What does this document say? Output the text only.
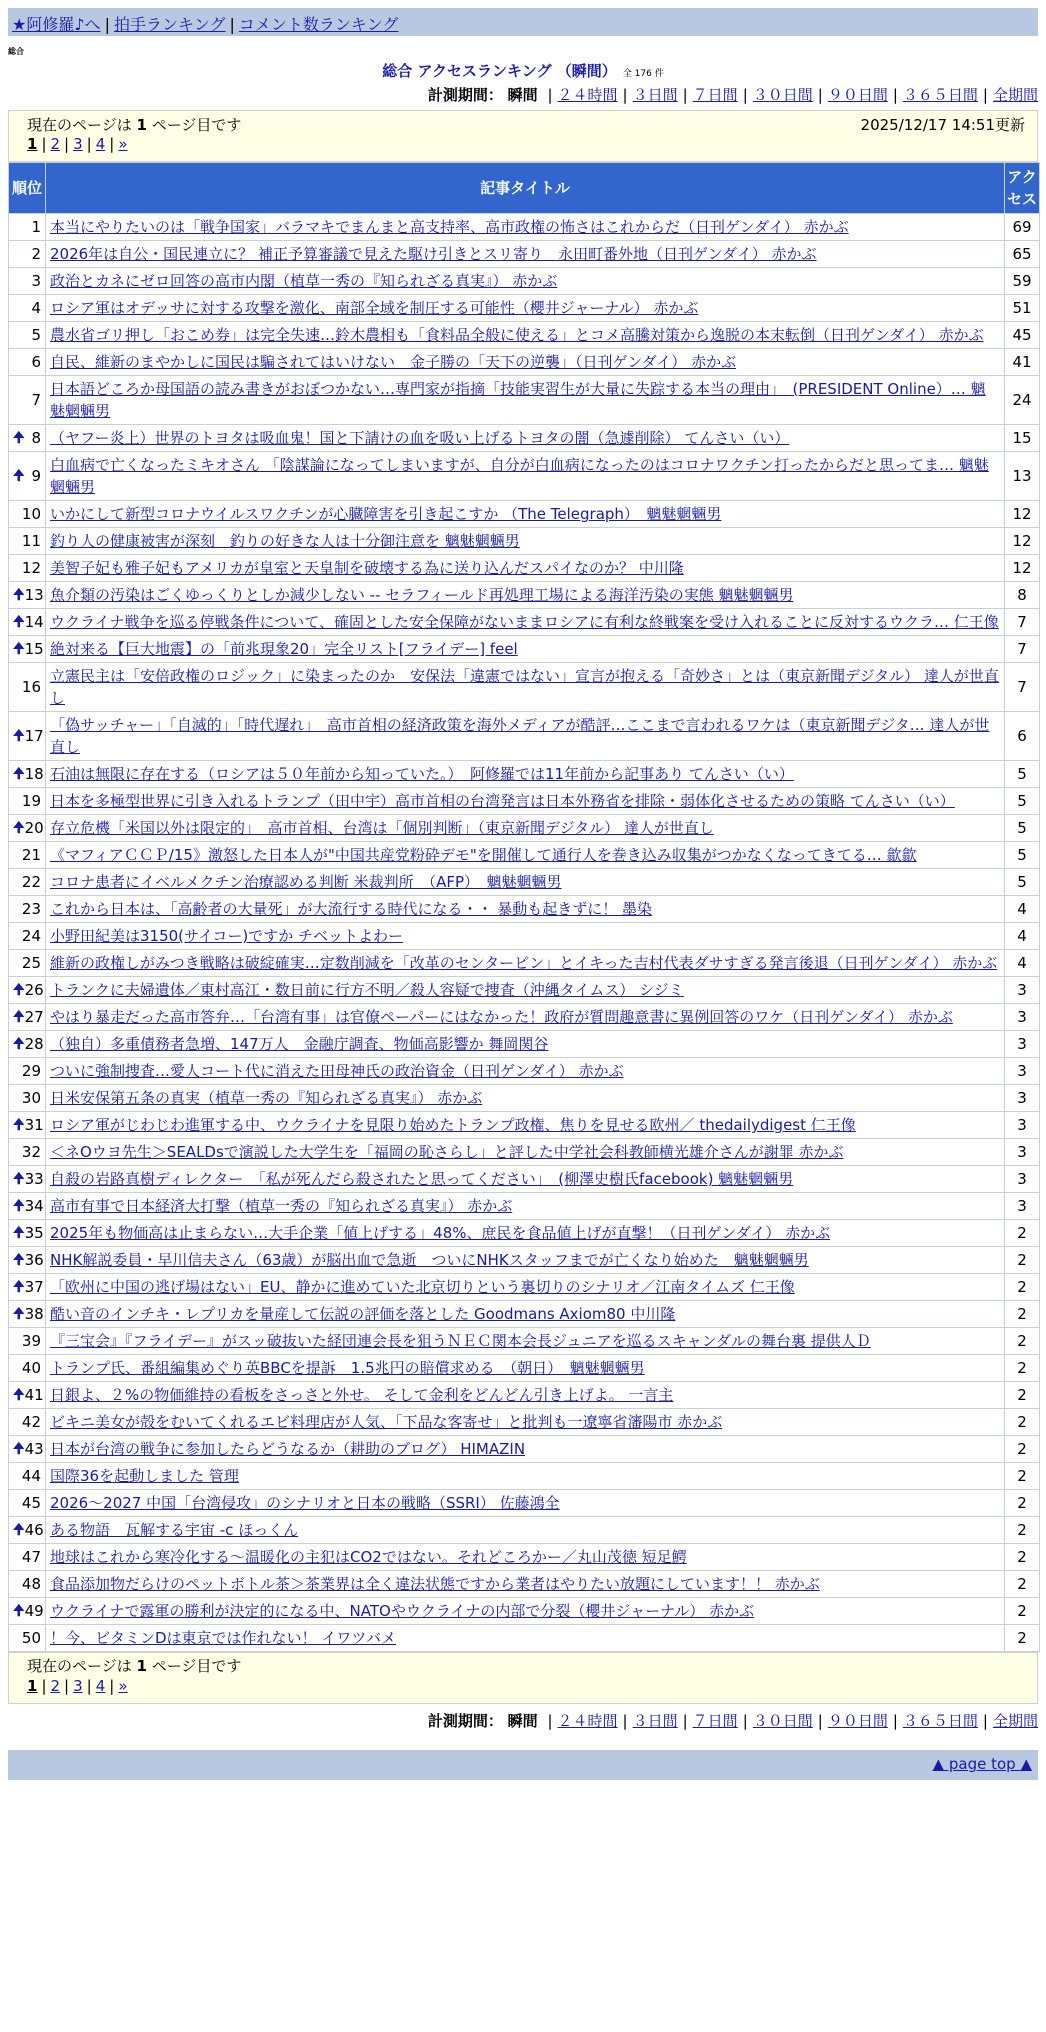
★阿修羅♪へ | 拍手ランキング | コメント数ランキング
総合
総合 アクセスランキング （瞬間） 全 176 件
計測期間： 瞬間 | ２４時間 | ３日間 | ７日間 | ３０日間 | ９０日間 | ３６５日間 | 全期間
現在のページは 1 ページ目です	2025/12/17 14:51更新
1 | 2 | 3 | 4 | »
順位	記事タイトル	アクセス
1	本当にやりたいのは「戦争国家」バラマキでまんまと高支持率、高市政権の怖さはこれからだ（日刊ゲンダイ） 赤かぶ	69
2	2026年は自公・国民連立に？ 補正予算審議で見えた駆け引きとスリ寄り　永田町番外地（日刊ゲンダイ） 赤かぶ	65
3	政治とカネにゼロ回答の高市内閣（植草一秀の『知られざる真実』） 赤かぶ	59
4	ロシア軍はオデッサに対する攻撃を激化、南部全域を制圧する可能性（櫻井ジャーナル） 赤かぶ	51
5	農水省ゴリ押し「おこめ券」は完全失速…鈴木農相も「食料品全般に使える」とコメ高騰対策から逸脱の本末転倒（日刊ゲンダイ） 赤かぶ	45
6	自民、維新のまやかしに国民は騙されてはいけない　金子勝の「天下の逆襲」（日刊ゲンダイ） 赤かぶ	41
7	日本語どころか母国語の読み書きがおぼつかない…専門家が指摘「技能実習生が大量に失踪する本当の理由」　(PRESIDENT Online）… 魑魅魍魎男	24

🠉 8	（ヤフー炎上）世界のトヨタは吸血鬼！国と下請けの血を吸い上げるトヨタの闇（急遽削除） てんさい（い）	15

🠉 9	白血病で亡くなったミキオさん 「陰謀論になってしまいますが、自分が白血病になったのはコロナワクチン打ったからだと思ってま… 魑魅魍魎男	13
10	いかにして新型コロナウイルスワクチンが心臓障害を引き起こすか （The Telegraph）　魑魅魍魎男	12
11	釣り人の健康被害が深刻　釣りの好きな人は十分御注意を 魑魅魍魎男	12
12	美智子妃も雅子妃もアメリカが皇室と天皇制を破壊する為に送り込んだスパイなのか？ 中川隆	12

🠉 13	魚介類の汚染はごくゆっくりとしか減少しない -- セラフィールド再処理工場による海洋汚染の実態 魑魅魍魎男	8

🠉 14	ウクライナ戦争を巡る停戦条件について、確固とした安全保障がないままロシアに有利な終戦案を受け入れることに反対するウクラ… 仁王像	7

🠉 15	絶対来る【巨大地震】の「前兆現象20」完全リスト[フライデー] feel	7
16	立憲民主は「安倍政権のロジック」に染まったのか　安保法「違憲ではない」宣言が抱える「奇妙さ」とは（東京新聞デジタル） 達人が世直し	7

🠉 17	「偽サッチャー」「自滅的」「時代遅れ」　高市首相の経済政策を海外メディアが酷評…ここまで言われるワケは（東京新聞デジタ… 達人が世直し	6

🠉 18	石油は無限に存在する（ロシアは５０年前から知っていた。）　阿修羅では11年前から記事あり てんさい（い）	5
19	日本を多極型世界に引き入れるトランプ（田中宇）高市首相の台湾発言は日本外務省を排除・弱体化させるための策略 てんさい（い）	5

🠉 20	存立危機「米国以外は限定的」　高市首相、台湾は「個別判断」（東京新聞デジタル） 達人が世直し	5
21	《マフィアＣＣＰ/15》激怒した日本人が"中国共産党粉砕デモ"を開催して通行人を巻き込み収集がつかなくなってきてる… 歙歙	5
22	コロナ患者にイベルメクチン治療認める判断 米裁判所　（AFP）　魑魅魍魎男	5
23	これから日本は、「高齢者の大量死」が大流行する時代になる・・ 暴動も起きずに！ 墨染	4
24	小野田紀美は3150(サイコー)ですか チベットよわー	4
25	維新の政権しがみつき戦略は破綻確実…定数削減を「改革のセンターピン」とイキった吉村代表ダサすぎる発言後退（日刊ゲンダイ） 赤かぶ	4

🠉 26	トランクに夫婦遺体／東村高江・数日前に行方不明／殺人容疑で捜査（沖縄タイムス） シジミ	3

🠉 27	やはり暴走だった高市答弁…「台湾有事」は官僚ペーパーにはなかった！政府が質問趣意書に異例回答のワケ（日刊ゲンダイ） 赤かぶ	3

🠉 28	（独自）多重債務者急増、147万人　金融庁調査、物価高影響か 舞岡関谷	3
29	ついに強制捜査…愛人コート代に消えた田母神氏の政治資金（日刊ゲンダイ） 赤かぶ	3
30	日米安保第五条の真実（植草一秀の『知られざる真実』） 赤かぶ	3

🠉 31	ロシア軍がじわじわ進軍する中、ウクライナを見限り始めたトランプ政権、焦りを見せる欧州／ thedailydigest 仁王像	3
32	＜ネOウヨ先生＞SEALDsで演説した大学生を「福岡の恥さらし」と評した中学社会科教師横光雄介さんが謝罪 赤かぶ	3

🠉 33	自殺の岩路真樹ディレクター　「私が死んだら殺されたと思ってください」　(柳澤史樹氏facebook) 魑魅魍魎男	3

🠉 34	高市有事で日本経済大打撃（植草一秀の『知られざる真実』） 赤かぶ	3

🠉 35	2025年も物価高は止まらない…大手企業「値上げする」48%、庶民を食品値上げが直撃！（日刊ゲンダイ） 赤かぶ	2

🠉 36	NHK解説委員・早川信夫さん（63歳）が脳出血で急逝　ついにNHKスタッフまでが亡くなり始めた　魑魅魍魎男	2

🠉 37	「欧州に中国の逃げ場はない」EU、静かに進めていた北京切りという裏切りのシナリオ／江南タイムズ 仁王像	2

🠉 38	酷い音のインチキ・レプリカを量産して伝説の評価を落とした Goodmans Axiom80 中川隆	2
39	『三宝会』『フライデー』がスッ破抜いた経団連会長を狙うＮＥＣ関本会長ジュニアを巡るスキャンダルの舞台裏 提供人Ｄ	2
40	トランプ氏、番組編集めぐり英BBCを提訴　1.5兆円の賠償求める　（朝日）　魑魅魍魎男	2

🠉 41	日銀よ、２%の物価維持の看板をさっさと外せ。 そして金利をどんどん引き上げよ。 一言主	2
42	ビキニ美女が殻をむいてくれるエビ料理店が人気、「下品な客寄せ」と批判も一遼寧省瀋陽市 赤かぶ	2

🠉 43	日本が台湾の戦争に参加したらどうなるか（耕助のブログ） HIMAZIN	2
44	国際36を起動しました 管理	2
45	2026～2027 中国「台湾侵攻」のシナリオと日本の戦略（SSRI） 佐藤鴻全	2

🠉 46	ある物語　瓦解する宇宙 -c ほっくん	2
47	地球はこれから寒冷化する～温暖化の主犯はCO2ではない。それどころかー／丸山茂徳 短足鰐	2
48	食品添加物だらけのペットボトル茶＞茶業界は全く違法状態ですから業者はやりたい放題にしています！！ 赤かぶ	2

🠉 49	ウクライナで露軍の勝利が決定的になる中、NATOやウクライナの内部で分裂（櫻井ジャーナル） 赤かぶ	2
50	！今、ビタミンDは東京では作れない！ イワツバメ	2
現在のページは 1 ページ目です
1 | 2 | 3 | 4 | »
計測期間： 瞬間 | ２４時間 | ３日間 | ７日間 | ３０日間 | ９０日間 | ３６５日間 | 全期間
▲ page top ▲
